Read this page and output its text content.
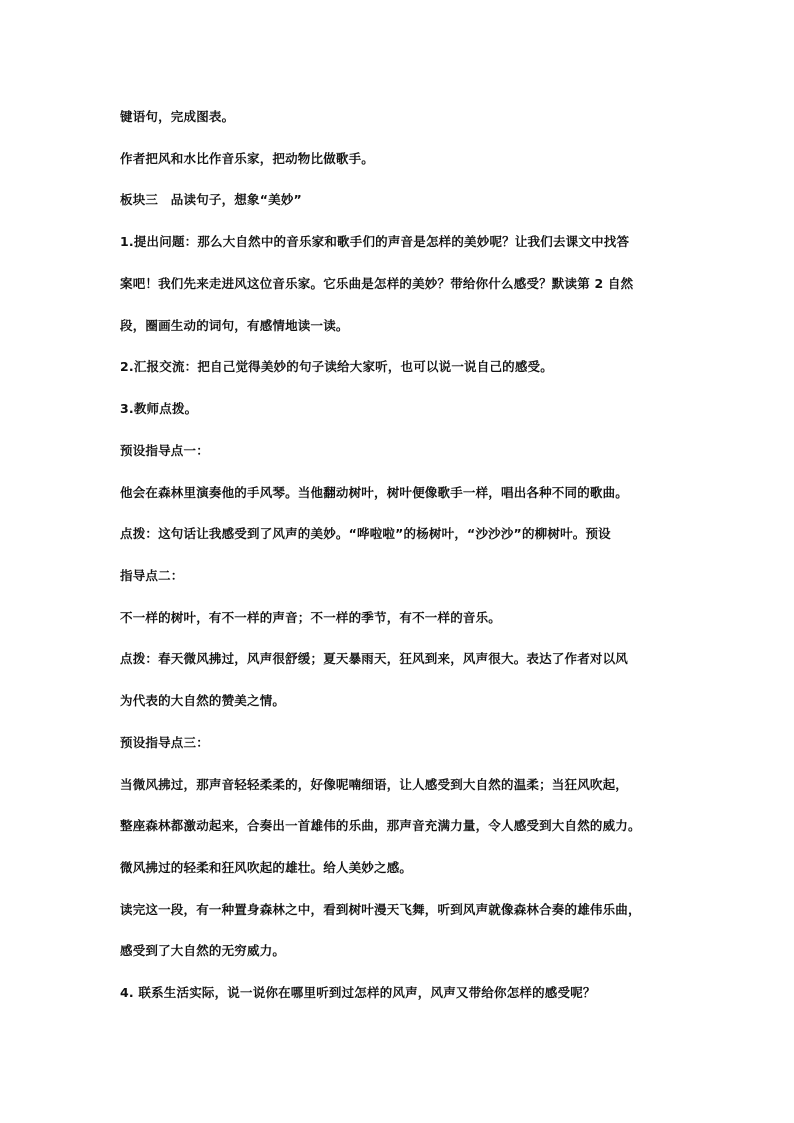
键语句，完成图表。
作者把风和水比作音乐家，把动物比做歌手。
板块三　品读句子，想象“美妙”
1.提出问题：那么大自然中的音乐家和歌手们的声音是怎样的美妙呢？让我们去课文中找答
案吧！我们先来走进风这位音乐家。它乐曲是怎样的美妙？带给你什么感受？默读第 2 自然
段，圈画生动的词句，有感情地读一读。
2.汇报交流：把自己觉得美妙的句子读给大家听，也可以说一说自己的感受。
3.教师点拨。
预设指导点一：
他会在森林里演奏他的手风琴。当他翻动树叶，树叶便像歌手一样，唱出各种不同的歌曲。
点拨：这句话让我感受到了风声的美妙。“哗啦啦”的杨树叶，“沙沙沙”的柳树叶。预设
指导点二：
不一样的树叶，有不一样的声音；不一样的季节，有不一样的音乐。
点拨：春天微风拂过，风声很舒缓；夏天暴雨天，狂风到来，风声很大。表达了作者对以风
为代表的大自然的赞美之情。
预设指导点三：
当微风拂过，那声音轻轻柔柔的，好像呢喃细语，让人感受到大自然的温柔；当狂风吹起，
整座森林都激动起来，合奏出一首雄伟的乐曲，那声音充满力量，令人感受到大自然的威力。
微风拂过的轻柔和狂风吹起的雄壮。给人美妙之感。
读完这一段，有一种置身森林之中，看到树叶漫天飞舞，听到风声就像森林合奏的雄伟乐曲，
感受到了大自然的无穷威力。
4. 联系生活实际，说一说你在哪里听到过怎样的风声，风声又带给你怎样的感受呢？
